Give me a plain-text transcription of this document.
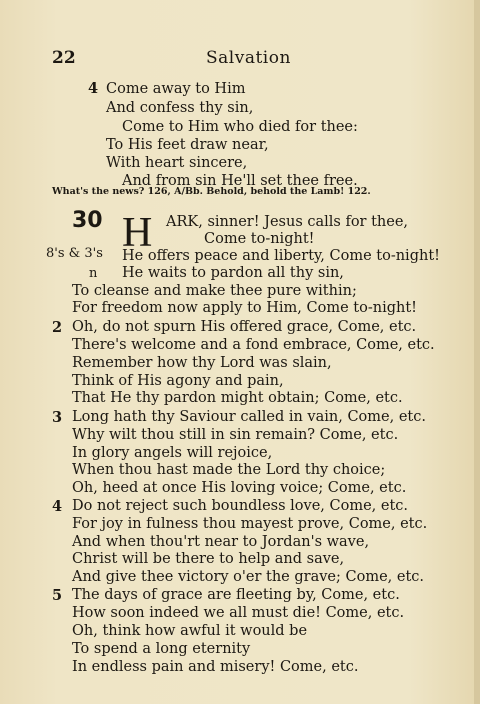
22	Salvation
4 Come away to Him
And confess thy sin,
Come to Him who died for thee:
To His feet draw near,
With heart sincere,
And from sin He'll set thee free.
What's the news? 126, A/Bb. Behold, behold the Lamb! 122.
30 H ARK, sinner! Jesus calls for thee,
Come to-night!
8's & 3's He offers peace and liberty, Come to-night!
n He waits to pardon all thy sin,
To cleanse and make thee pure within;
For freedom now apply to Him, Come to-night!
2 Oh, do not spurn His offered grace, Come, etc.
There's welcome and a fond embrace, Come, etc.
Remember how thy Lord was slain,
Think of His agony and pain,
That He thy pardon might obtain; Come, etc.
3 Long hath thy Saviour called in vain, Come, etc.
Why wilt thou still in sin remain? Come, etc.
In glory angels will rejoice,
When thou hast made the Lord thy choice;
Oh, heed at once His loving voice; Come, etc.
4 Do not reject such boundless love, Come, etc.
For joy in fulness thou mayest prove, Come, etc.
And when thou'rt near to Jordan's wave,
Christ will be there to help and save,
And give thee victory o'er the grave; Come, etc.
5 The days of grace are fleeting by, Come, etc.
How soon indeed we all must die! Come, etc.
Oh, think how awful it would be
To spend a long eternity
In endless pain and misery! Come, etc.
